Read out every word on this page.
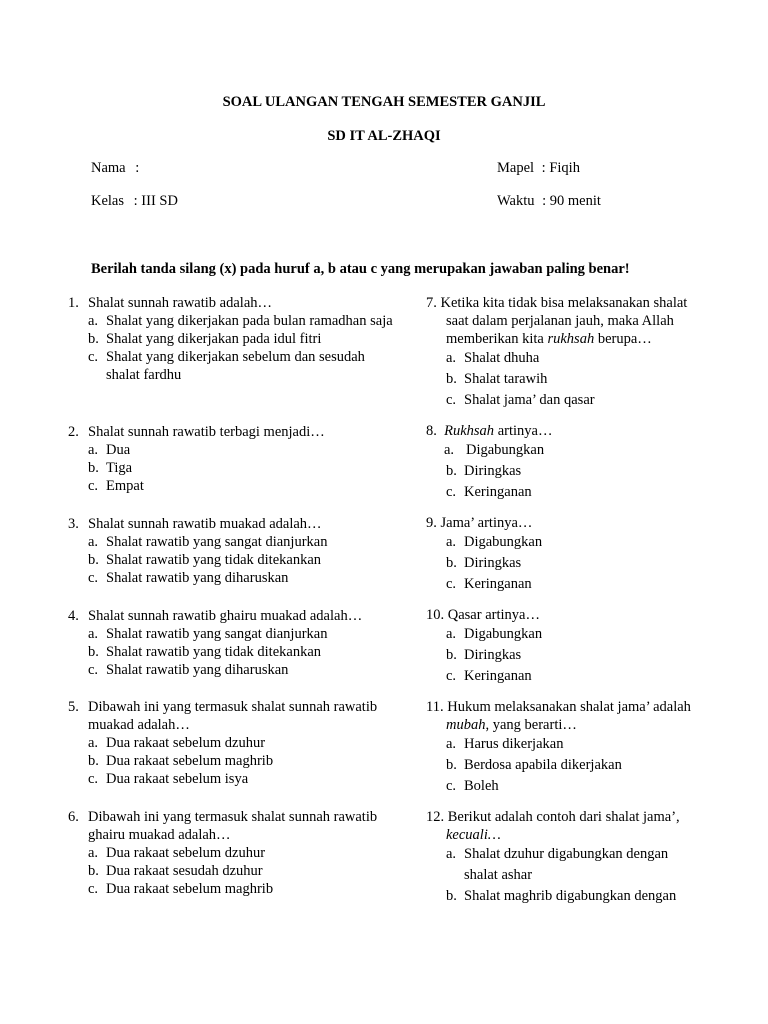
SOAL ULANGAN TENGAH SEMESTER GANJIL
SD IT AL-ZHAQI
Nama :
Kelas : III SD
Mapel : Fiqih
Waktu : 90 menit
Berilah tanda silang (x) pada huruf a, b atau c yang merupakan jawaban paling benar!
1. Shalat sunnah rawatib adalah…
a. Shalat yang dikerjakan pada bulan ramadhan saja
b. Shalat yang dikerjakan pada idul fitri
c. Shalat yang dikerjakan sebelum dan sesudah
shalat fardhu
2. Shalat sunnah rawatib terbagi menjadi…
a. Dua
b. Tiga
c. Empat
3. Shalat sunnah rawatib muakad adalah…
a. Shalat rawatib yang sangat dianjurkan
b. Shalat rawatib yang tidak ditekankan
c. Shalat rawatib yang diharuskan
4. Shalat sunnah rawatib ghairu muakad adalah…
a. Shalat rawatib yang sangat dianjurkan
b. Shalat rawatib yang tidak ditekankan
c. Shalat rawatib yang diharuskan
5. Dibawah ini yang termasuk shalat sunnah rawatib
muakad adalah…
a. Dua rakaat sebelum dzuhur
b. Dua rakaat sebelum maghrib
c. Dua rakaat sebelum isya
6. Dibawah ini yang termasuk shalat sunnah rawatib
ghairu muakad adalah…
a. Dua rakaat sebelum dzuhur
b. Dua rakaat sesudah dzuhur
c. Dua rakaat sebelum maghrib
7. Ketika kita tidak bisa melaksanakan shalat
saat dalam perjalanan jauh, maka Allah
memberikan kita rukhsah berupa…
a. Shalat dhuha
b. Shalat tarawih
c. Shalat jama’ dan qasar
8. Rukhsah artinya…
a. Digabungkan
b. Diringkas
c. Keringanan
9. Jama’ artinya…
a. Digabungkan
b. Diringkas
c. Keringanan
10. Qasar artinya…
a. Digabungkan
b. Diringkas
c. Keringanan
11. Hukum melaksanakan shalat jama’ adalah
mubah, yang berarti…
a. Harus dikerjakan
b. Berdosa apabila dikerjakan
c. Boleh
12. Berikut adalah contoh dari shalat jama’,
kecuali…
a. Shalat dzuhur digabungkan dengan
shalat ashar
b. Shalat maghrib digabungkan dengan
